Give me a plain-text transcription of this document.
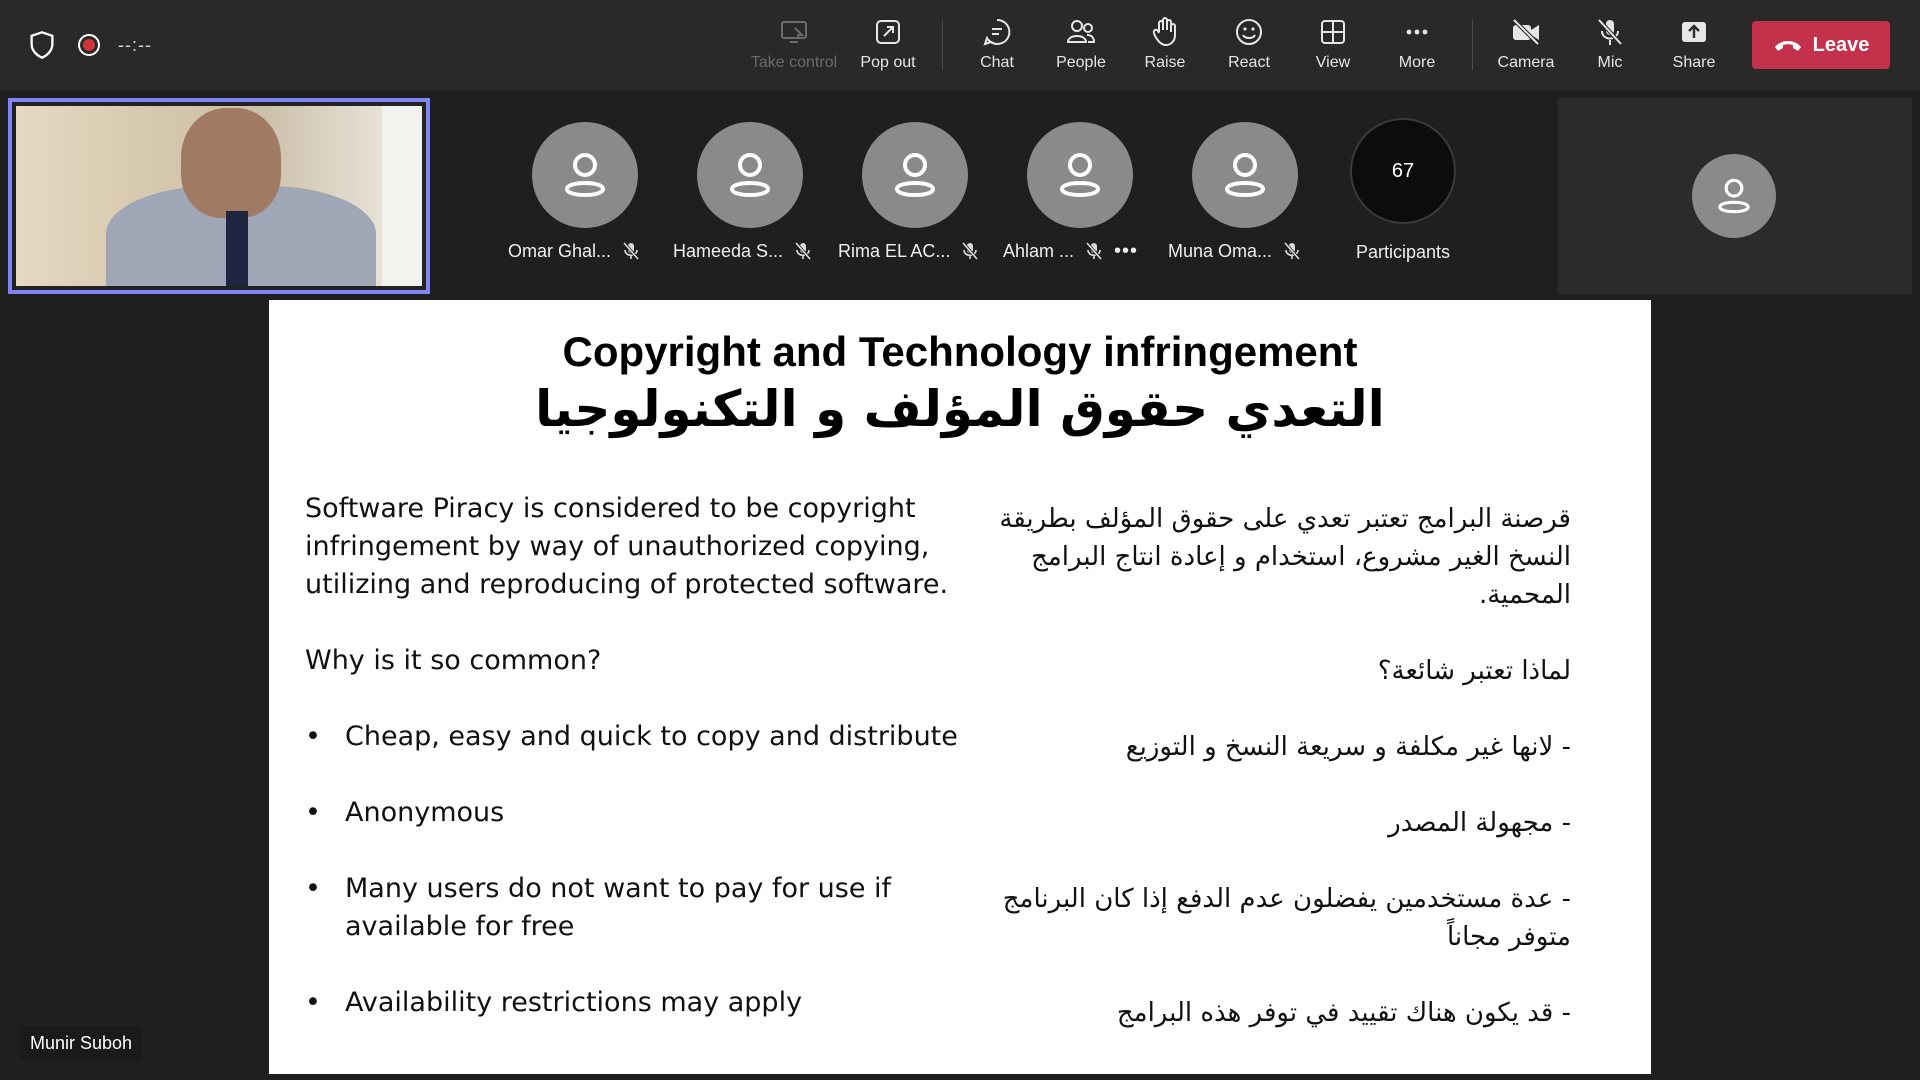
--:--
Take control Pop out	Chat	People Raise	React	View	More	Camera	Mic	Share
Leave
Omar Ghal...	Hameeda S...	Rima EL AC...	Ahlam ... ••• Muna Oma...
67
Participants
Copyright and Technology infringement
التعدي حقوق المؤلف و التكنولوجيا
Software Piracy is considered to be copyright
infringement by way of unauthorized copying,
utilizing and reproducing of protected software.
Why is it so common?
• Cheap, easy and quick to copy and distribute
• Anonymous
• Many users do not want to pay for use if
available for free
• Availability restrictions may apply
قرصنة البرامج تعتبر تعدي على حقوق المؤلف بطريقة
النسخ الغير مشروع، استخدام و إعادة انتاج البرامج
المحمية.
لماذا تعتبر شائعة؟
- لانها غير مكلفة و سريعة النسخ و التوزيع
- مجهولة المصدر
- عدة مستخدمين يفضلون عدم الدفع إذا كان البرنامج
متوفر مجاناً
- قد يكون هناك تقييد في توفر هذه البرامج
Munir Suboh
